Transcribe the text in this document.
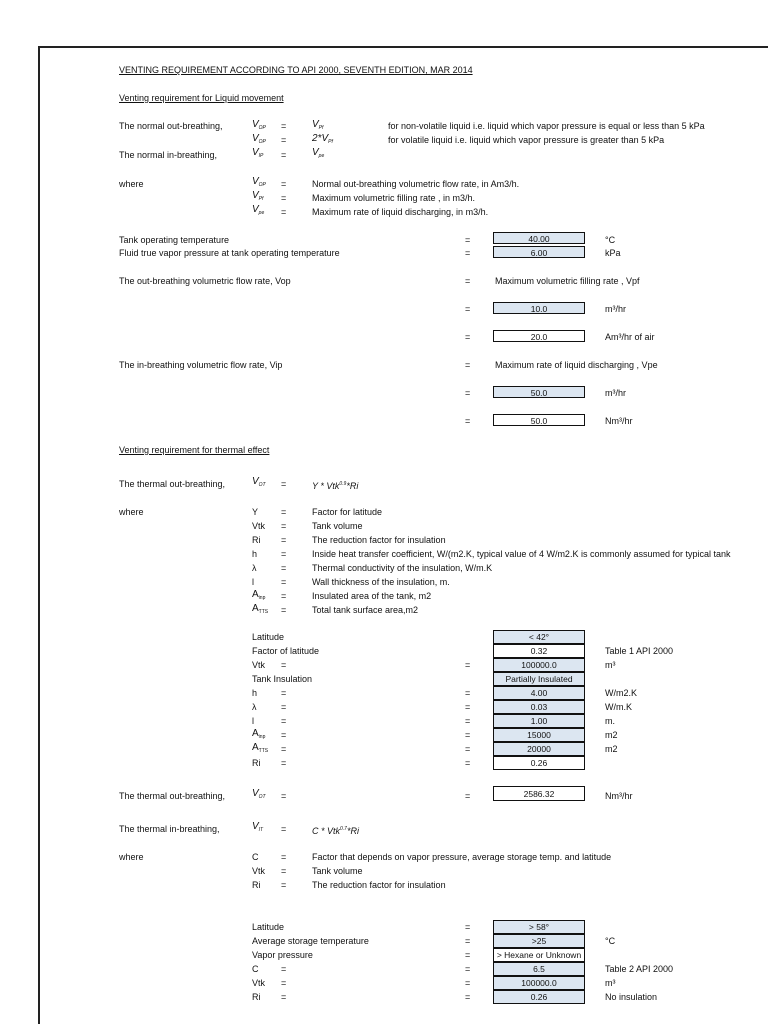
VENTING REQUIREMENT ACCORDING TO API 2000, SEVENTH EDITION, MAR 2014
Venting requirement for Liquid movement
The normal out-breathing,	$V_{OP}$ =	$V_{Pf}$	for non-volatile liquid i.e. liquid which vapor pressure is equal or less than 5 kPa
$V_{OP}$ =	$2*V_{Pf}$	for volatile liquid i.e. liquid which vapor pressure is greater than 5 kPa
The normal in-breathing,	$V_{IP}$ =	$V_{pe}$
where	$V_{OP}$ =	Normal out-breathing volumetric flow rate, in Am3/h.
$V_{Pf}$ =	Maximum volumetric filling rate , in m3/h.
$V_{pe}$ =	Maximum rate of liquid discharging, in m3/h.
Tank operating temperature	=	40.00	°C
Fluid true vapor pressure at tank operating temperature	=	6.00	kPa
The out-breathing volumetric flow rate, Vop	=	Maximum volumetric filling rate , Vpf
=	10.0	m³/hr
=	20.0	Am³/hr of air
The in-breathing volumetric flow rate, Vip	=	Maximum rate of liquid discharging , Vpe
=	50.0	m³/hr
=	50.0	Nm³/hr
Venting requirement for thermal effect
The thermal out-breathing,	$V_{OT}$ =	Y * Vtk$^{0.9}$*Ri
where	Y	=	Factor for latitude
Vtk =	Tank volume
Ri =	The reduction factor for insulation
h	=	Inside heat transfer coefficient, W/(m2.K, typical value of 4 W/m2.K is commonly assumed for typical tank
λ	=	Thermal conductivity of the insulation, W/m.K
l	=	Wall thickness of the insulation, m.
$A_{inp}$ =	Insulated area of the tank, m2
$A_{TTS}$ =	Total tank surface area,m2
Latitude	< 42°
Factor of latitude	0.32	Table 1 API 2000
Vtk =	=	100000.0	m³
Tank Insulation	Partially Insulated
h	=	=	4.00	W/m2.K
λ	=	=	0.03	W/m.K
l	=	=	1.00	m.
$A_{inp}$ =	=	15000	m2
$A_{TTS}$ =	=	20000	m2
Ri =	=	0.26
The thermal out-breathing,	$V_{OT}$ =	=	2586.32	Nm³/hr
The thermal in-breathing,	$V_{IT}$ =	C * Vtk$^{0.7}$*Ri
where	C	=	Factor that depends on vapor pressure, average storage temp. and latitude
Vtk =	Tank volume
Ri =	The reduction factor for insulation
Latitude	=	> 58°
Average storage temperature	=	>25	°C
Vapor pressure	=	> Hexane or Unknown
C	=	=	6.5	Table 2 API 2000
Vtk =	=	100000.0	m³
Ri =	=	0.26	No insulation
